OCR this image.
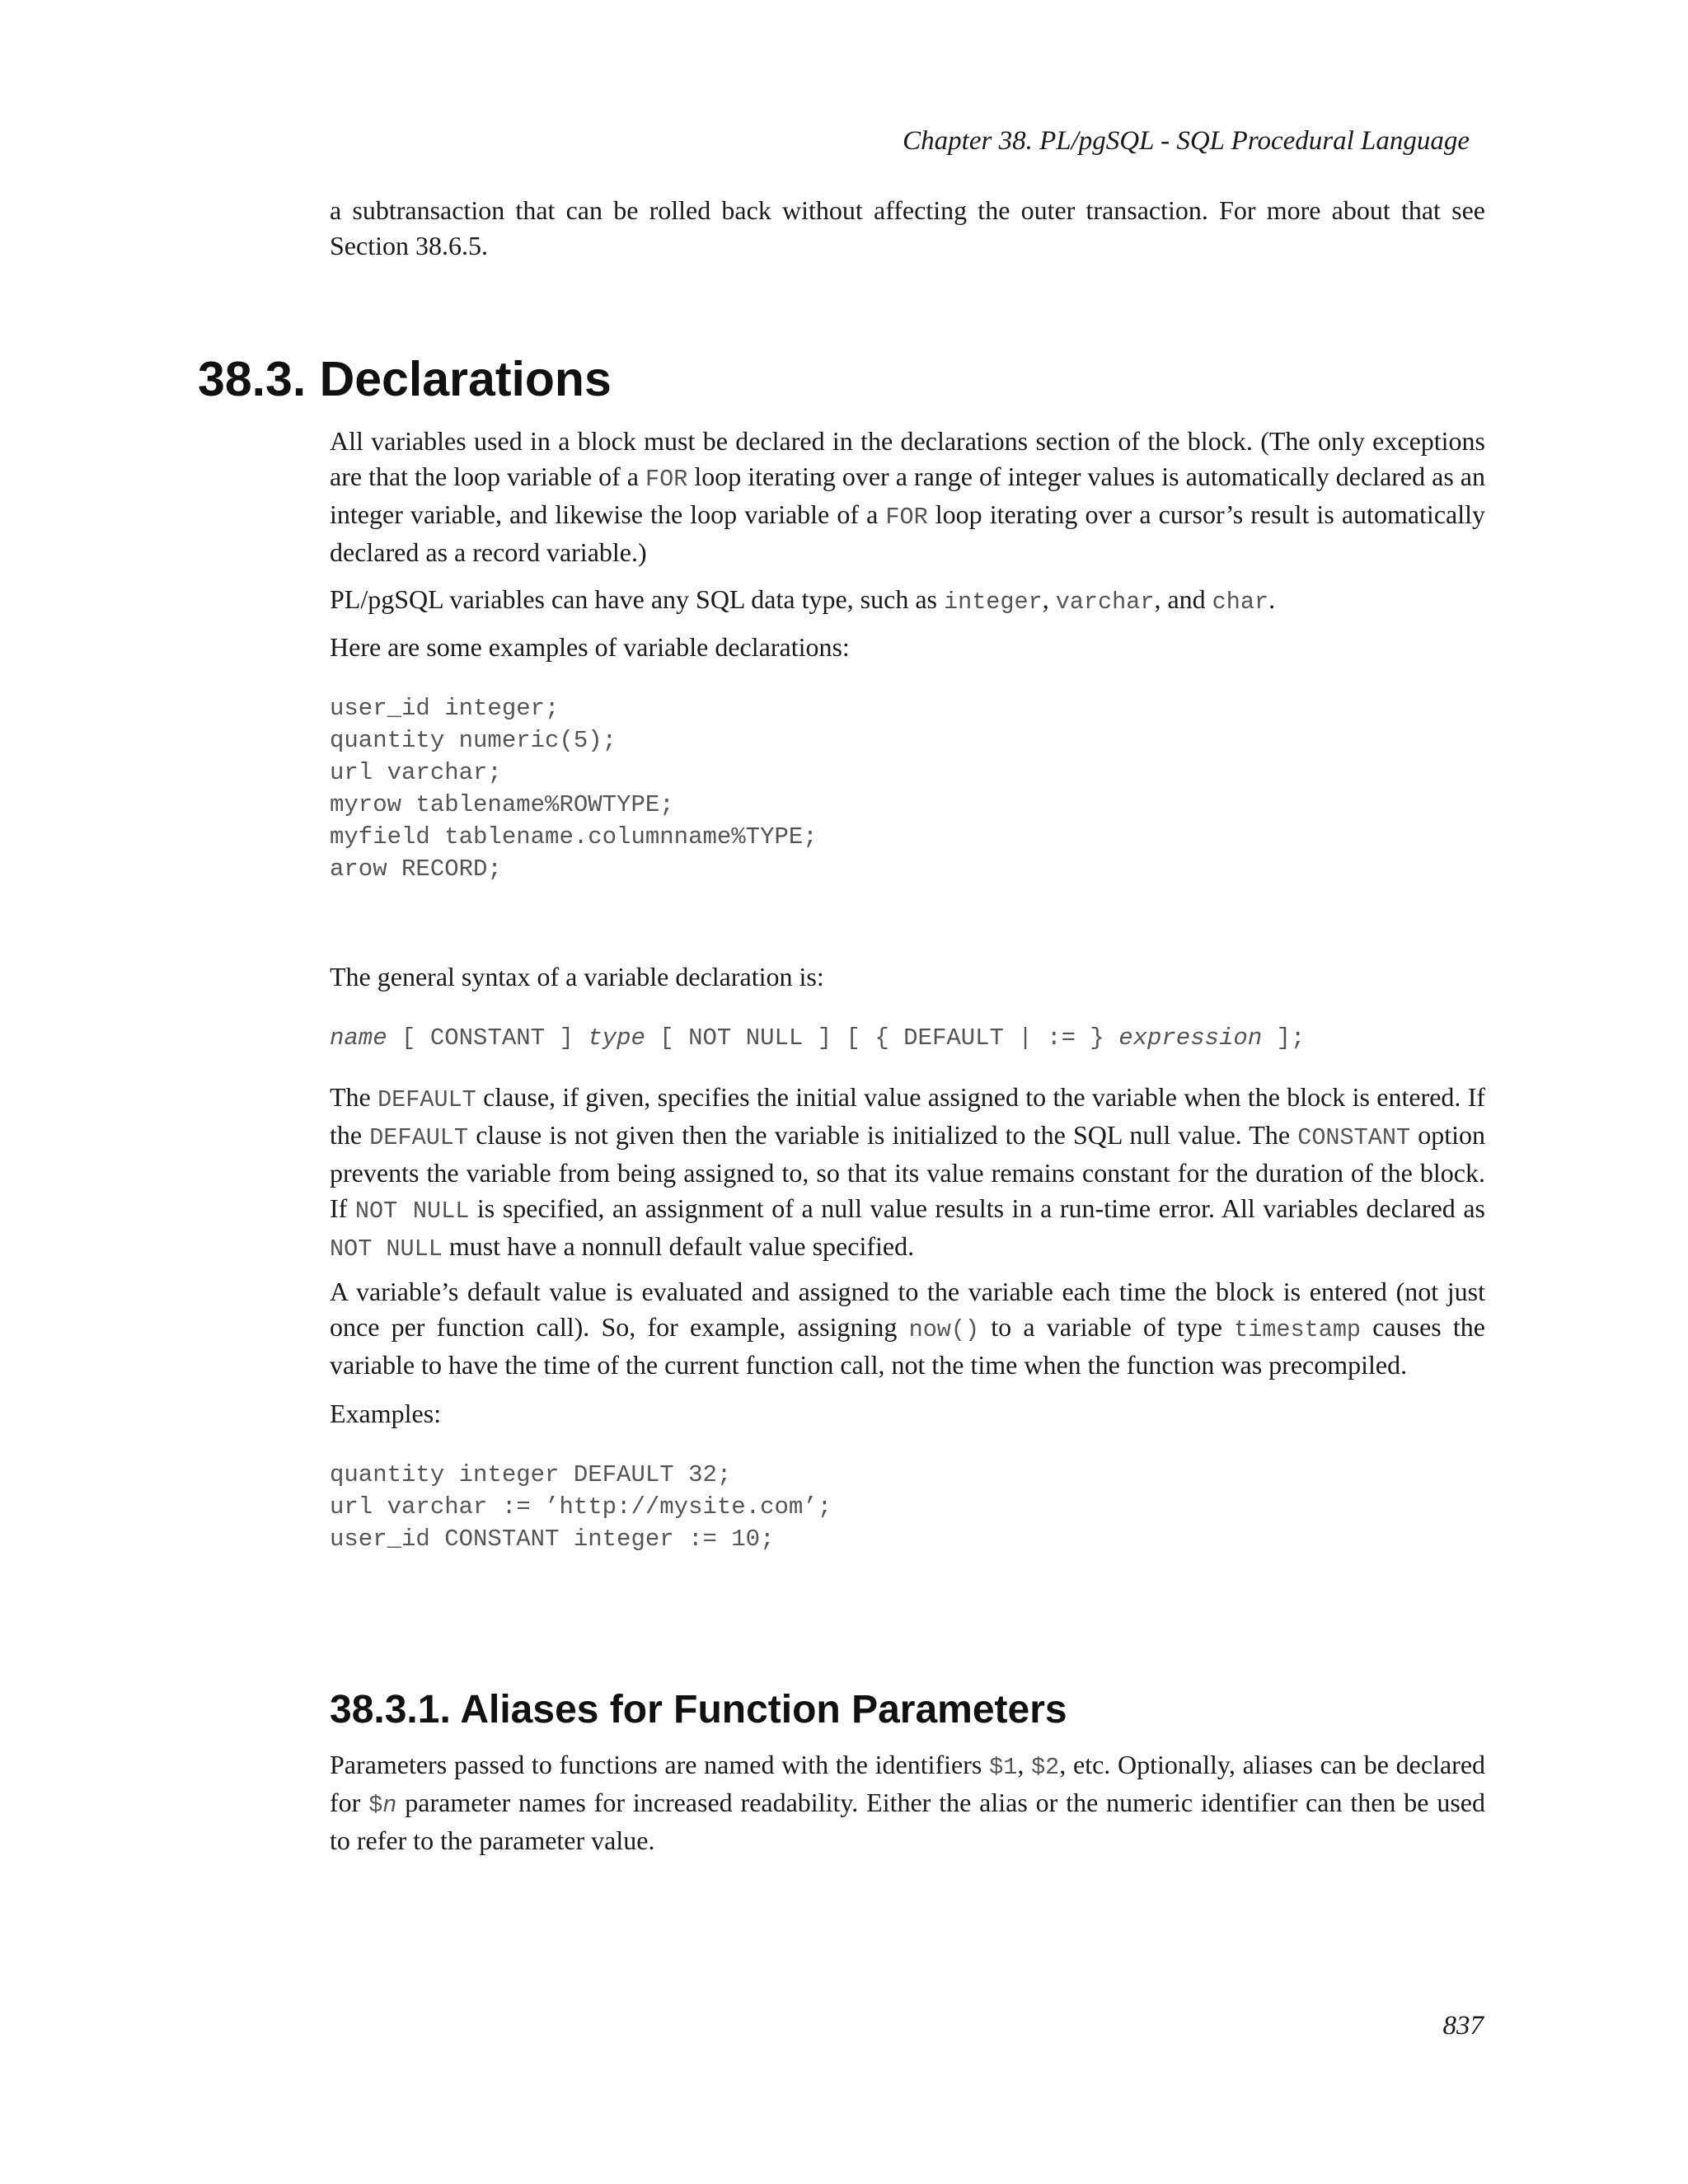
Chapter 38. PL/pgSQL - SQL Procedural Language

a subtransaction that can be rolled back without affecting the outer transaction. For more about that see Section 38.6.5.

38.3. Declarations

All variables used in a block must be declared in the declarations section of the block. (The only exceptions are that the loop variable of a FOR loop iterating over a range of integer values is automatically declared as an integer variable, and likewise the loop variable of a FOR loop iterating over a cursor’s result is automatically declared as a record variable.)

PL/pgSQL variables can have any SQL data type, such as integer, varchar, and char.

Here are some examples of variable declarations:

user_id integer;
quantity numeric(5);
url varchar;
myrow tablename%ROWTYPE;
myfield tablename.columnname%TYPE;
arow RECORD;

The general syntax of a variable declaration is:

name [ CONSTANT ] type [ NOT NULL ] [ { DEFAULT | := } expression ];

The DEFAULT clause, if given, specifies the initial value assigned to the variable when the block is entered. If the DEFAULT clause is not given then the variable is initialized to the SQL null value. The CONSTANT option prevents the variable from being assigned to, so that its value remains constant for the duration of the block. If NOT NULL is specified, an assignment of a null value results in a run-time error. All variables declared as NOT NULL must have a nonnull default value specified.

A variable’s default value is evaluated and assigned to the variable each time the block is entered (not just once per function call). So, for example, assigning now() to a variable of type timestamp causes the variable to have the time of the current function call, not the time when the function was precompiled.

Examples:

quantity integer DEFAULT 32;
url varchar := ’http://mysite.com’;
user_id CONSTANT integer := 10;
38.3.1. Aliases for Function Parameters

Parameters passed to functions are named with the identifiers $1, $2, etc. Optionally, aliases can be declared for $n parameter names for increased readability. Either the alias or the numeric identifier can then be used to refer to the parameter value.

837
